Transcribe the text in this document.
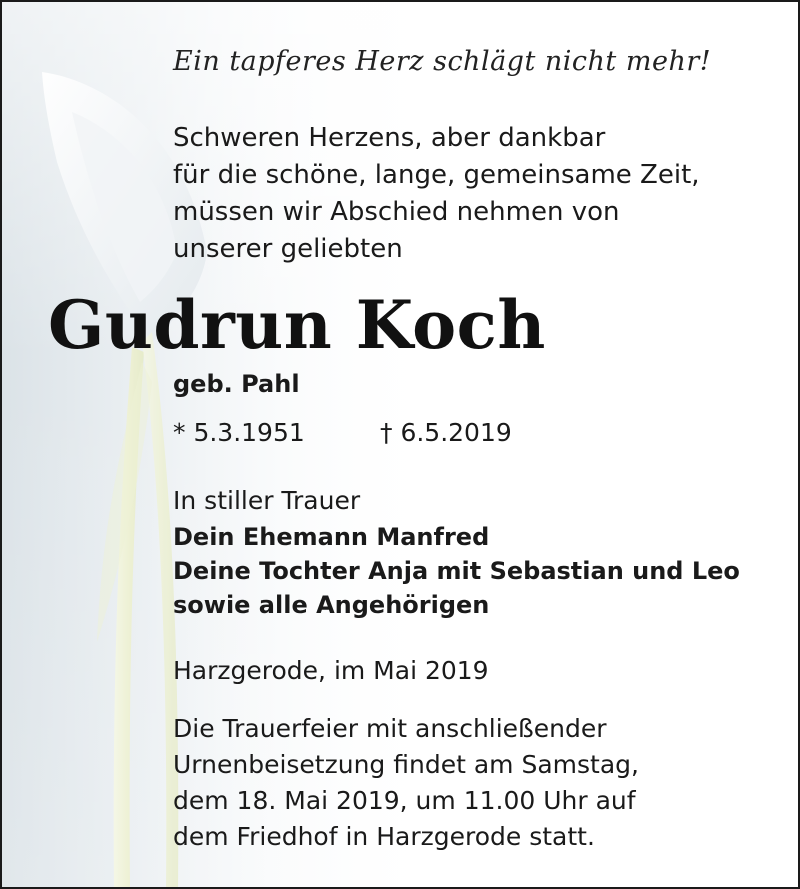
Ein tapferes Herz schlägt nicht mehr!

Schweren Herzens, aber dankbar
für die schöne, lange, gemeinsame Zeit,
müssen wir Abschied nehmen von
unserer geliebten
Gudrun Koch
geb. Pahl
* 5.3.1951	† 6.5.2019
In stiller Trauer
Dein Ehemann Manfred
Deine Tochter Anja mit Sebastian und Leo
sowie alle Angehörigen
Harzgerode, im Mai 2019
Die Trauerfeier mit anschließender
Urnenbeisetzung findet am Samstag,
dem 18. Mai 2019, um 11.00 Uhr auf
dem Friedhof in Harzgerode statt.
